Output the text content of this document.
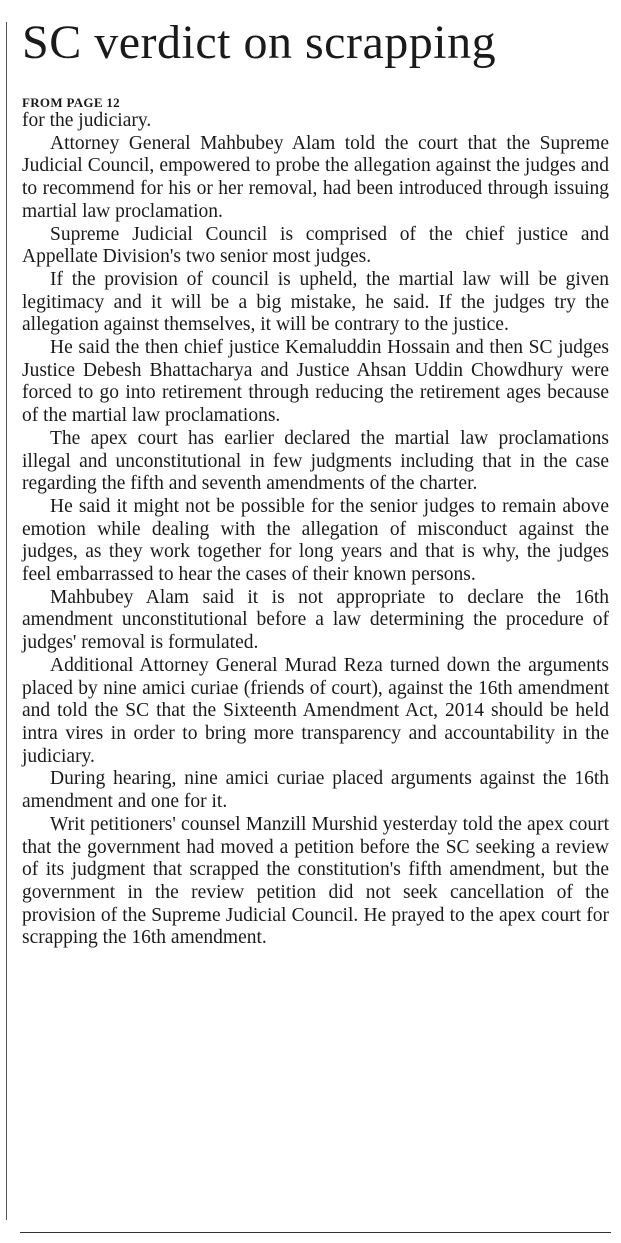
SC verdict on scrapping
FROM PAGE 12

for the judiciary.

Attorney General Mahbubey Alam told the court that the Supreme Judicial Council, empowered to probe the allegation against the judges and to recommend for his or her removal, had been introduced through issuing martial law proclamation.

Supreme Judicial Council is comprised of the chief justice and Appellate Division's two senior most judges.

If the provision of council is upheld, the martial law will be given legitimacy and it will be a big mistake, he said. If the judges try the allegation against themselves, it will be contrary to the justice.

He said the then chief justice Kemaluddin Hossain and then SC judges Justice Debesh Bhattacharya and Justice Ahsan Uddin Chowdhury were forced to go into retirement through reducing the retirement ages because of the martial law proclamations.

The apex court has earlier declared the martial law proclamations illegal and unconstitutional in few judgments including that in the case regarding the fifth and seventh amendments of the charter.

He said it might not be possible for the senior judges to remain above emotion while dealing with the allegation of misconduct against the judges, as they work together for long years and that is why, the judges feel embarrassed to hear the cases of their known persons.

Mahbubey Alam said it is not appropriate to declare the 16th amendment unconstitutional before a law determining the procedure of judges' removal is formulated.

Additional Attorney General Murad Reza turned down the arguments placed by nine amici curiae (friends of court), against the 16th amendment and told the SC that the Sixteenth Amendment Act, 2014 should be held intra vires in order to bring more transparency and accountability in the judiciary.

During hearing, nine amici curiae placed arguments against the 16th amendment and one for it.

Writ petitioners' counsel Manzill Murshid yesterday told the apex court that the government had moved a petition before the SC seeking a review of its judgment that scrapped the constitution's fifth amendment, but the government in the review petition did not seek cancellation of the provision of the Supreme Judicial Council. He prayed to the apex court for scrapping the 16th amendment.
